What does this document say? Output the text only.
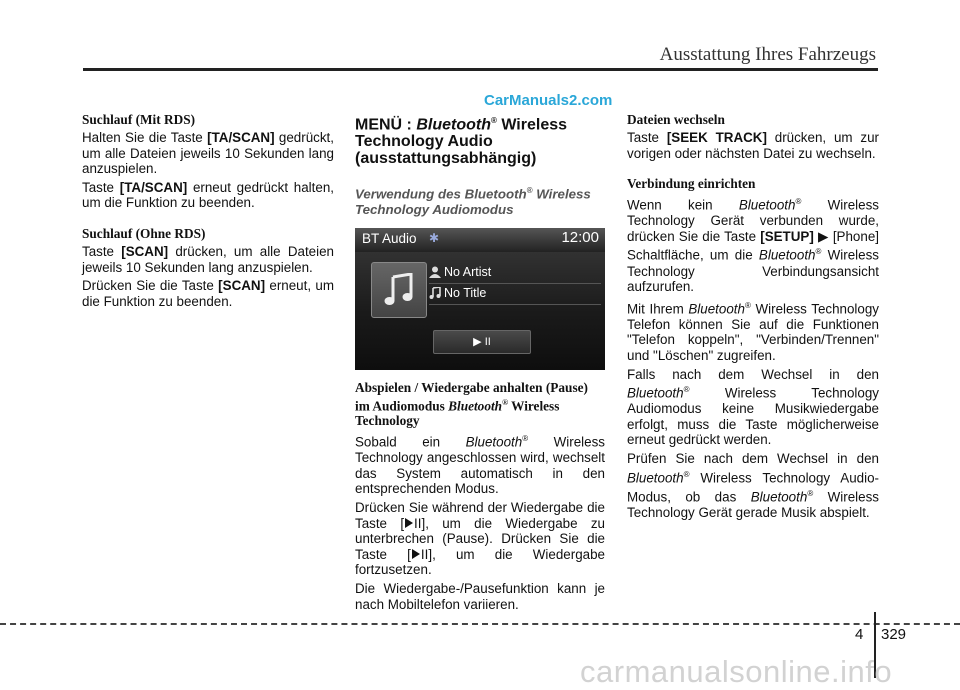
Ausstattung Ihres Fahrzeugs
CarManuals2.com
Suchlauf (Mit RDS)
Halten Sie die Taste [TA/SCAN] gedrückt, um alle Dateien jeweils 10 Sekunden lang anzuspielen.
Taste [TA/SCAN] erneut gedrückt halten, um die Funktion zu beenden.
Suchlauf (Ohne RDS)
Taste [SCAN] drücken, um alle Dateien jeweils 10 Sekunden lang anzuspielen.
Drücken Sie die Taste [SCAN] erneut, um die Funktion zu beenden.
MENÜ : Bluetooth® Wireless Technology Audio (ausstattungsabhängig)
Verwendung des Bluetooth® Wireless Technology Audiomodus
BT Audio ✱	12:00
No Artist
No Title
▶ II
Abspielen / Wiedergabe anhalten (Pause) im Audiomodus Bluetooth® Wireless Technology
Sobald ein Bluetooth® Wireless Technology angeschlossen wird, wechselt das System automatisch in den entsprechenden Modus.
Drücken Sie während der Wiedergabe die Taste [ II], um die Wiedergabe zu unterbrechen (Pause). Drücken Sie die Taste [ II], um die Wiedergabe fortzusetzen.
Die Wiedergabe-/Pausefunktion kann je nach Mobiltelefon variieren.
Dateien wechseln
Taste [SEEK TRACK] drücken, um zur vorigen oder nächsten Datei zu wechseln.
Verbindung einrichten
Wenn kein Bluetooth® Wireless Technology Gerät verbunden wurde, drücken Sie die Taste [SETUP] ▶ [Phone] Schaltfläche, um die Bluetooth® Wireless Technology Verbindungsansicht aufzurufen.
Mit Ihrem Bluetooth® Wireless Technology Telefon können Sie auf die Funktionen "Telefon koppeln", "Verbinden/Trennen" und "Löschen" zugreifen.
Falls nach dem Wechsel in den Bluetooth® Wireless Technology Audiomodus keine Musikwiedergabe erfolgt, muss die Taste möglicherweise erneut gedrückt werden.
Prüfen Sie nach dem Wechsel in den Bluetooth® Wireless Technology Audio-Modus, ob das Bluetooth® Wireless Technology Gerät gerade Musik abspielt.
4 329
carmanualsonline.info
